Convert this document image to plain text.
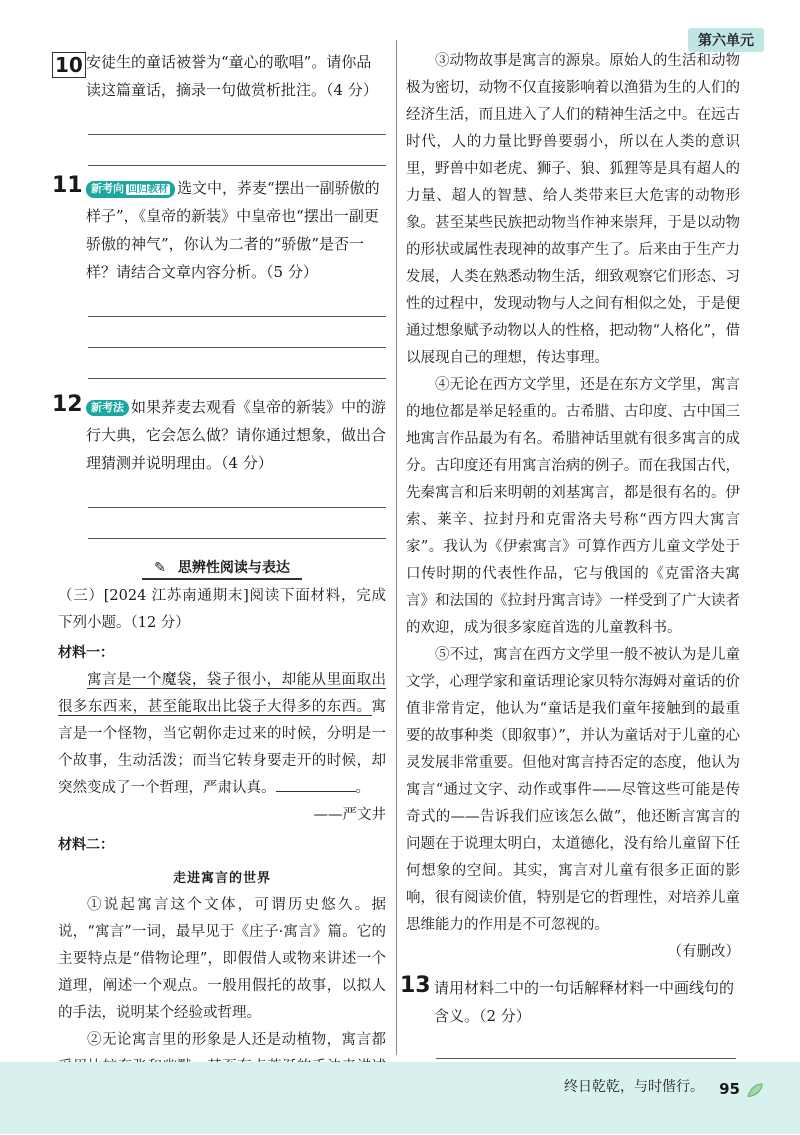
第六单元
10 安徒生的童话被誉为“童心的歌唱”。请你品读这篇童话，摘录一句做赏析批注。（4 分）
11 新考向 回归教材 选文中，荞麦“摆出一副骄傲的样子”，《皇帝的新装》中皇帝也“摆出一副更骄傲的神气”，你认为二者的“骄傲”是否一样？请结合文章内容分析。（5 分）
12 新考法 如果荞麦去观看《皇帝的新装》中的游行大典，它会怎么做？请你通过想象，做出合理猜测并说明理由。（4 分）
✎ 思辨性阅读与表达
（三）[2024 江苏南通期末]阅读下面材料，完成下列小题。（12 分）
材料一：
寓言是一个魔袋，袋子很小，却能从里面取出很多东西来，甚至能取出比袋子大得多的东西。寓言是一个怪物，当它朝你走过来的时候，分明是一个故事，生动活泼；而当它转身要走开的时候，却突然变成了一个哲理，严肃认真。	。
——严文井
材料二：
走进寓言的世界
①说起寓言这个文体，可谓历史悠久。据说，“寓言”一词，最早见于《庄子·寓言》篇。它的主要特点是“借物论理”，即假借人或物来讲述一个道理，阐述一个观点。一般用假托的故事，以拟人的手法，说明某个经验或哲理。
②无论寓言里的形象是人还是动植物，寓言都
③动物故事是寓言的源泉。原始人的生活和动物极为密切，动物不仅直接影响着以渔猎为生的人们的经济生活，而且进入了人们的精神生活之中。在远古时代，人的力量比野兽要弱小，所以在人类的意识里，野兽中如老虎、狮子、狼、狐狸等是具有超人的力量、超人的智慧、给人类带来巨大危害的动物形象。甚至某些民族把动物当作神来崇拜，于是以动物的形状或属性表现神的故事产生了。后来由于生产力发展，人类在熟悉动物生活，细致观察它们形态、习性的过程中，发现动物与人之间有相似之处，于是便通过想象赋予动物以人的性格，把动物“人格化”，借以展现自己的理想，传达事理。
④无论在西方文学里，还是在东方文学里，寓言的地位都是举足轻重的。古希腊、古印度、古中国三地寓言作品最为有名。希腊神话里就有很多寓言的成分。古印度还有用寓言治病的例子。而在我国古代，先秦寓言和后来明朝的刘基寓言，都是很有名的。伊索、莱辛、拉封丹和克雷洛夫号称“西方四大寓言家”。我认为《伊索寓言》可算作西方儿童文学处于口传时期的代表性作品，它与俄国的《克雷洛夫寓言》和法国的《拉封丹寓言诗》一样受到了广大读者的欢迎，成为很多家庭首选的儿童教科书。
⑤不过，寓言在西方文学里一般不被认为是儿童文学，心理学家和童话理论家贝特尔海姆对童话的价值非常肯定，他认为“童话是我们童年接触到的最重要的故事种类（即叙事）”，并认为童话对于儿童的心灵发展非常重要。但他对寓言持否定的态度，他认为寓言“通过文字、动作或事件——尽管这些可能是传奇式的——告诉我们应该怎么做”，他还断言寓言的问题在于说理太明白，太道德化，没有给儿童留下任何想象的空间。其实，寓言对儿童有很多正面的影响，很有阅读价值，特别是它的哲理性，对培养儿童思维能力的作用是不可忽视的。
（有删改）
13 请用材料二中的一句话解释材料一中画线句的含义。（2 分）
终日乾乾，与时偕行。 95
